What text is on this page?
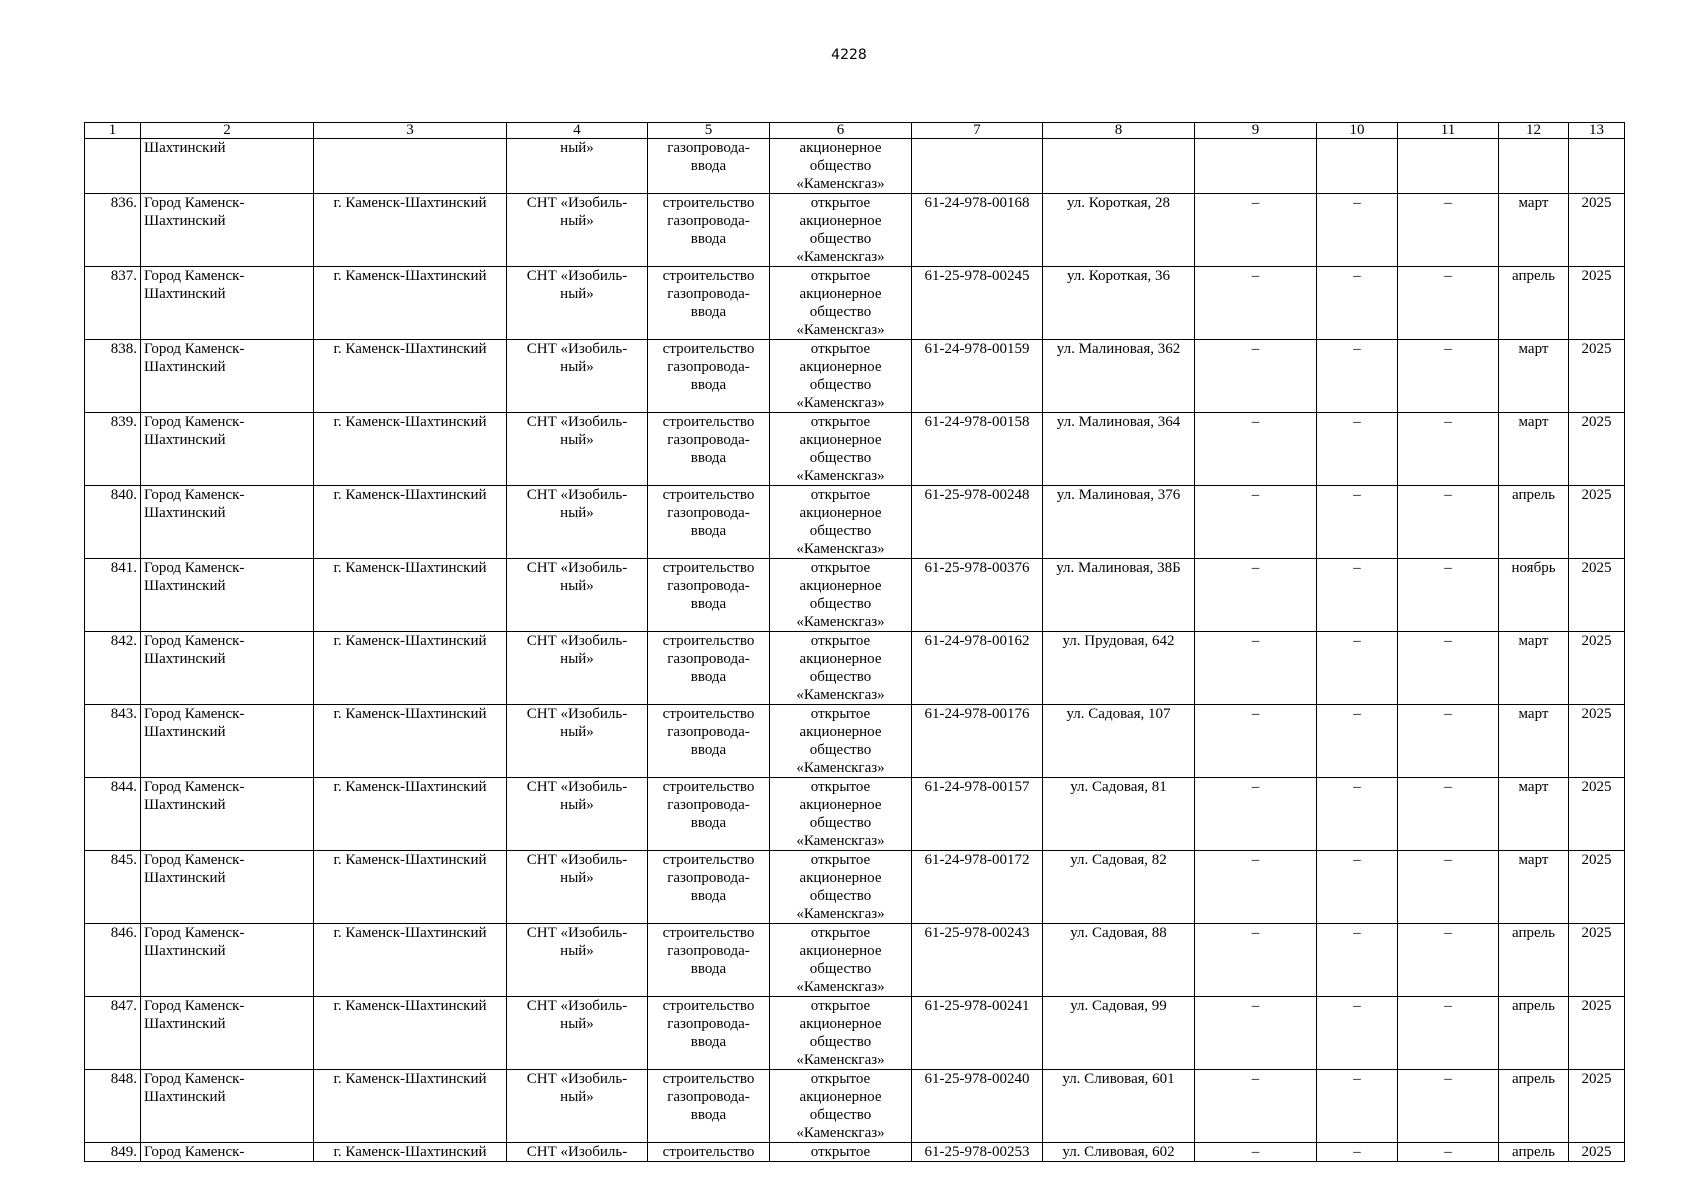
4228
1	2	3	4	5	6	7	8	9	10	11	12	13
	Шахтинский		ный»	газопровода-
ввода	акционерное
общество
«Каменскгаз»							
836.	Город Каменск-
Шахтинский	г. Каменск-Шахтинский	СНТ «Изобиль-
ный»	строительство
газопровода-
ввода	открытое
акционерное
общество
«Каменскгаз»	61-24-978-00168	ул. Короткая, 28	–	–	–	март	2025
837.	Город Каменск-
Шахтинский	г. Каменск-Шахтинский	СНТ «Изобиль-
ный»	строительство
газопровода-
ввода	открытое
акционерное
общество
«Каменскгаз»	61-25-978-00245	ул. Короткая, 36	–	–	–	апрель	2025
838.	Город Каменск-
Шахтинский	г. Каменск-Шахтинский	СНТ «Изобиль-
ный»	строительство
газопровода-
ввода	открытое
акционерное
общество
«Каменскгаз»	61-24-978-00159	ул. Малиновая, 362	–	–	–	март	2025
839.	Город Каменск-
Шахтинский	г. Каменск-Шахтинский	СНТ «Изобиль-
ный»	строительство
газопровода-
ввода	открытое
акционерное
общество
«Каменскгаз»	61-24-978-00158	ул. Малиновая, 364	–	–	–	март	2025
840.	Город Каменск-
Шахтинский	г. Каменск-Шахтинский	СНТ «Изобиль-
ный»	строительство
газопровода-
ввода	открытое
акционерное
общество
«Каменскгаз»	61-25-978-00248	ул. Малиновая, 376	–	–	–	апрель	2025
841.	Город Каменск-
Шахтинский	г. Каменск-Шахтинский	СНТ «Изобиль-
ный»	строительство
газопровода-
ввода	открытое
акционерное
общество
«Каменскгаз»	61-25-978-00376	ул. Малиновая, 38Б	–	–	–	ноябрь	2025
842.	Город Каменск-
Шахтинский	г. Каменск-Шахтинский	СНТ «Изобиль-
ный»	строительство
газопровода-
ввода	открытое
акционерное
общество
«Каменскгаз»	61-24-978-00162	ул. Прудовая, 642	–	–	–	март	2025
843.	Город Каменск-
Шахтинский	г. Каменск-Шахтинский	СНТ «Изобиль-
ный»	строительство
газопровода-
ввода	открытое
акционерное
общество
«Каменскгаз»	61-24-978-00176	ул. Садовая, 107	–	–	–	март	2025
844.	Город Каменск-
Шахтинский	г. Каменск-Шахтинский	СНТ «Изобиль-
ный»	строительство
газопровода-
ввода	открытое
акционерное
общество
«Каменскгаз»	61-24-978-00157	ул. Садовая, 81	–	–	–	март	2025
845.	Город Каменск-
Шахтинский	г. Каменск-Шахтинский	СНТ «Изобиль-
ный»	строительство
газопровода-
ввода	открытое
акционерное
общество
«Каменскгаз»	61-24-978-00172	ул. Садовая, 82	–	–	–	март	2025
846.	Город Каменск-
Шахтинский	г. Каменск-Шахтинский	СНТ «Изобиль-
ный»	строительство
газопровода-
ввода	открытое
акционерное
общество
«Каменскгаз»	61-25-978-00243	ул. Садовая, 88	–	–	–	апрель	2025
847.	Город Каменск-
Шахтинский	г. Каменск-Шахтинский	СНТ «Изобиль-
ный»	строительство
газопровода-
ввода	открытое
акционерное
общество
«Каменскгаз»	61-25-978-00241	ул. Садовая, 99	–	–	–	апрель	2025
848.	Город Каменск-
Шахтинский	г. Каменск-Шахтинский	СНТ «Изобиль-
ный»	строительство
газопровода-
ввода	открытое
акционерное
общество
«Каменскгаз»	61-25-978-00240	ул. Сливовая, 601	–	–	–	апрель	2025
849.	Город Каменск-	г. Каменск-Шахтинский	СНТ «Изобиль-	строительство	открытое	61-25-978-00253	ул. Сливовая, 602	–	–	–	апрель	2025
